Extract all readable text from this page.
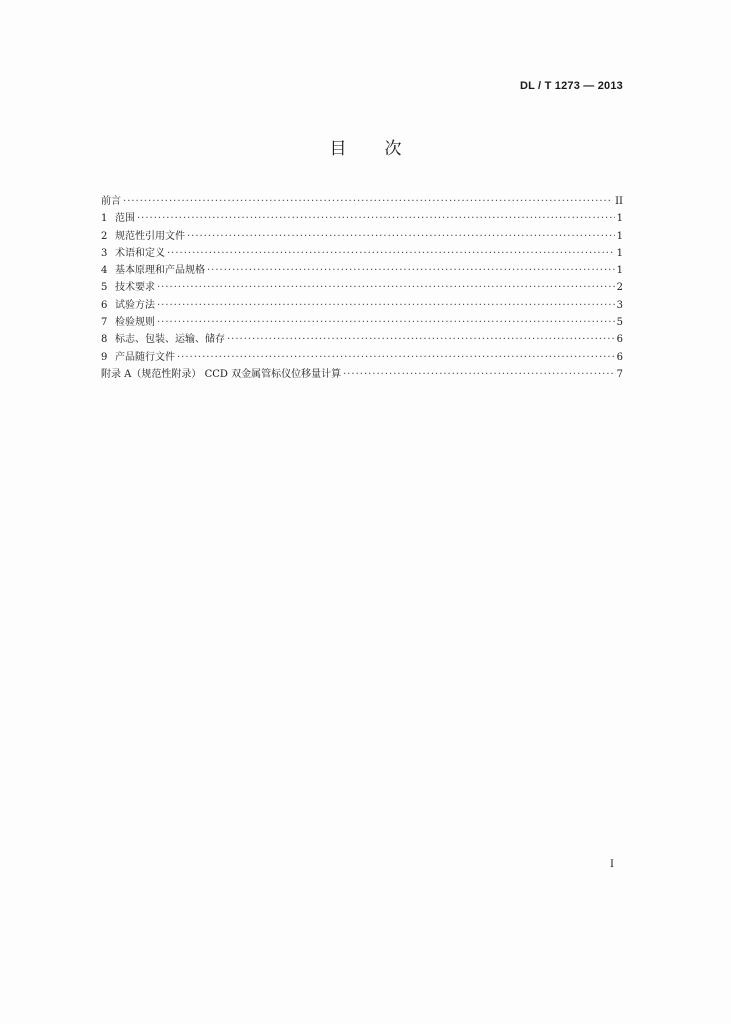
DL / T 1273 — 2013
目 次
前言 ·····	II
1 范围 ·····	1
2 规范性引用文件 ·····	1
3 术语和定义 ·····	1
4 基本原理和产品规格 ·····	1
5 技术要求 ·····	2
6 试验方法 ·····	3
7 检验规则 ·····	5
8 标志、包装、运输、储存 ·····	6
9 产品随行文件 ·····	6
附录 A（规范性附录） CCD 双金属管标仪位移量计算 ·····	7
I
